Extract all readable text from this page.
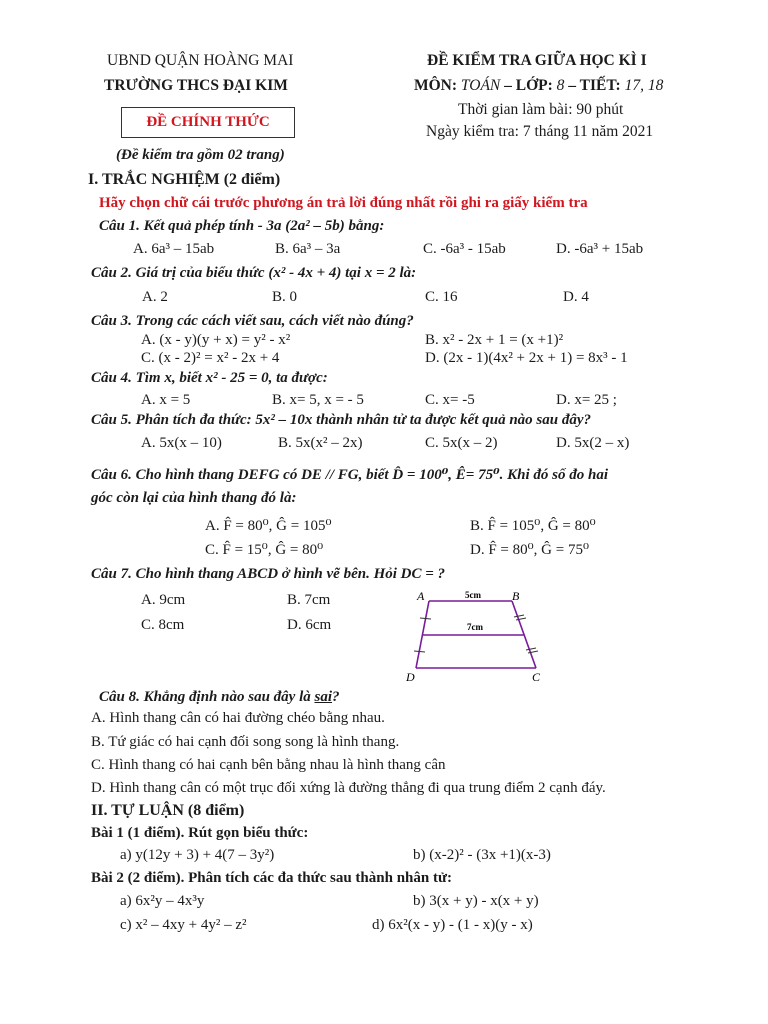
UBND QUẬN HOÀNG MAI
TRƯỜNG THCS ĐẠI KIM
ĐỀ CHÍNH THỨC
(Đề kiểm tra gồm 02 trang)
ĐỀ KIỂM TRA GIỮA HỌC KÌ I
MÔN: TOÁN – LỚP: 8 – TIẾT: 17, 18
Thời gian làm bài: 90 phút
Ngày kiểm tra: 7 tháng 11 năm 2021
I. TRẮC NGHIỆM (2 điểm)
Hãy chọn chữ cái trước phương án trả lời đúng nhất rồi ghi ra giấy kiểm tra
Câu 1. Kết quả phép tính - 3a (2a² – 5b) bằng:
A. 6a³ – 15ab	B. 6a³ – 3a	C. -6a³ - 15ab	D. -6a³ + 15ab
Câu 2. Giá trị của biểu thức (x² - 4x + 4) tại x = 2 là:
A. 2	B. 0	C. 16	D. 4
Câu 3. Trong các cách viết sau, cách viết nào đúng?
A. (x - y)(y + x) = y² - x²	B. x² - 2x + 1 = (x +1)²
C. (x - 2)² = x² - 2x + 4	D. (2x - 1)(4x² + 2x + 1) = 8x³ - 1
Câu 4. Tìm x, biết x² - 25 = 0, ta được:
A. x = 5	B. x= 5, x = - 5	C. x= -5	D. x= 25 ;
Câu 5. Phân tích đa thức: 5x² – 10x thành nhân tử ta được kết quả nào sau đây?
A. 5x(x – 10)	B. 5x(x² – 2x)	C. 5x(x – 2)	D. 5x(2 – x)
Câu 6. Cho hình thang DEFG có DE // FG, biết D̂ = 100⁰, Ê= 75⁰. Khi đó số đo hai
góc còn lại của hình thang đó là:
A. F̂ = 80⁰, Ĝ = 105⁰	B. F̂ = 105⁰, Ĝ = 80⁰
C. F̂ = 15⁰, Ĝ = 80⁰	D. F̂ = 80⁰, Ĝ = 75⁰
Câu 7. Cho hình thang ABCD ở hình vẽ bên. Hỏi DC = ?
A. 9cm	B. 7cm
C. 8cm	D. 6cm
A	B
D	C
5cm
7cm
Câu 8. Khẳng định nào sau đây là sai?
A. Hình thang cân có hai đường chéo bằng nhau.
B. Tứ giác có hai cạnh đối song song là hình thang.
C. Hình thang có hai cạnh bên bằng nhau là hình thang cân
D. Hình thang cân có một trục đối xứng là đường thẳng đi qua trung điểm 2 cạnh đáy.
II. TỰ LUẬN (8 điểm)
Bài 1 (1 điểm). Rút gọn biểu thức:
a) y(12y + 3) + 4(7 – 3y²)	b) (x-2)² - (3x +1)(x-3)
Bài 2 (2 điểm). Phân tích các đa thức sau thành nhân tử:
a) 6x²y – 4x³y	b) 3(x + y) - x(x + y)
c) x² – 4xy + 4y² – z²	d) 6x²(x - y) - (1 - x)(y - x)
